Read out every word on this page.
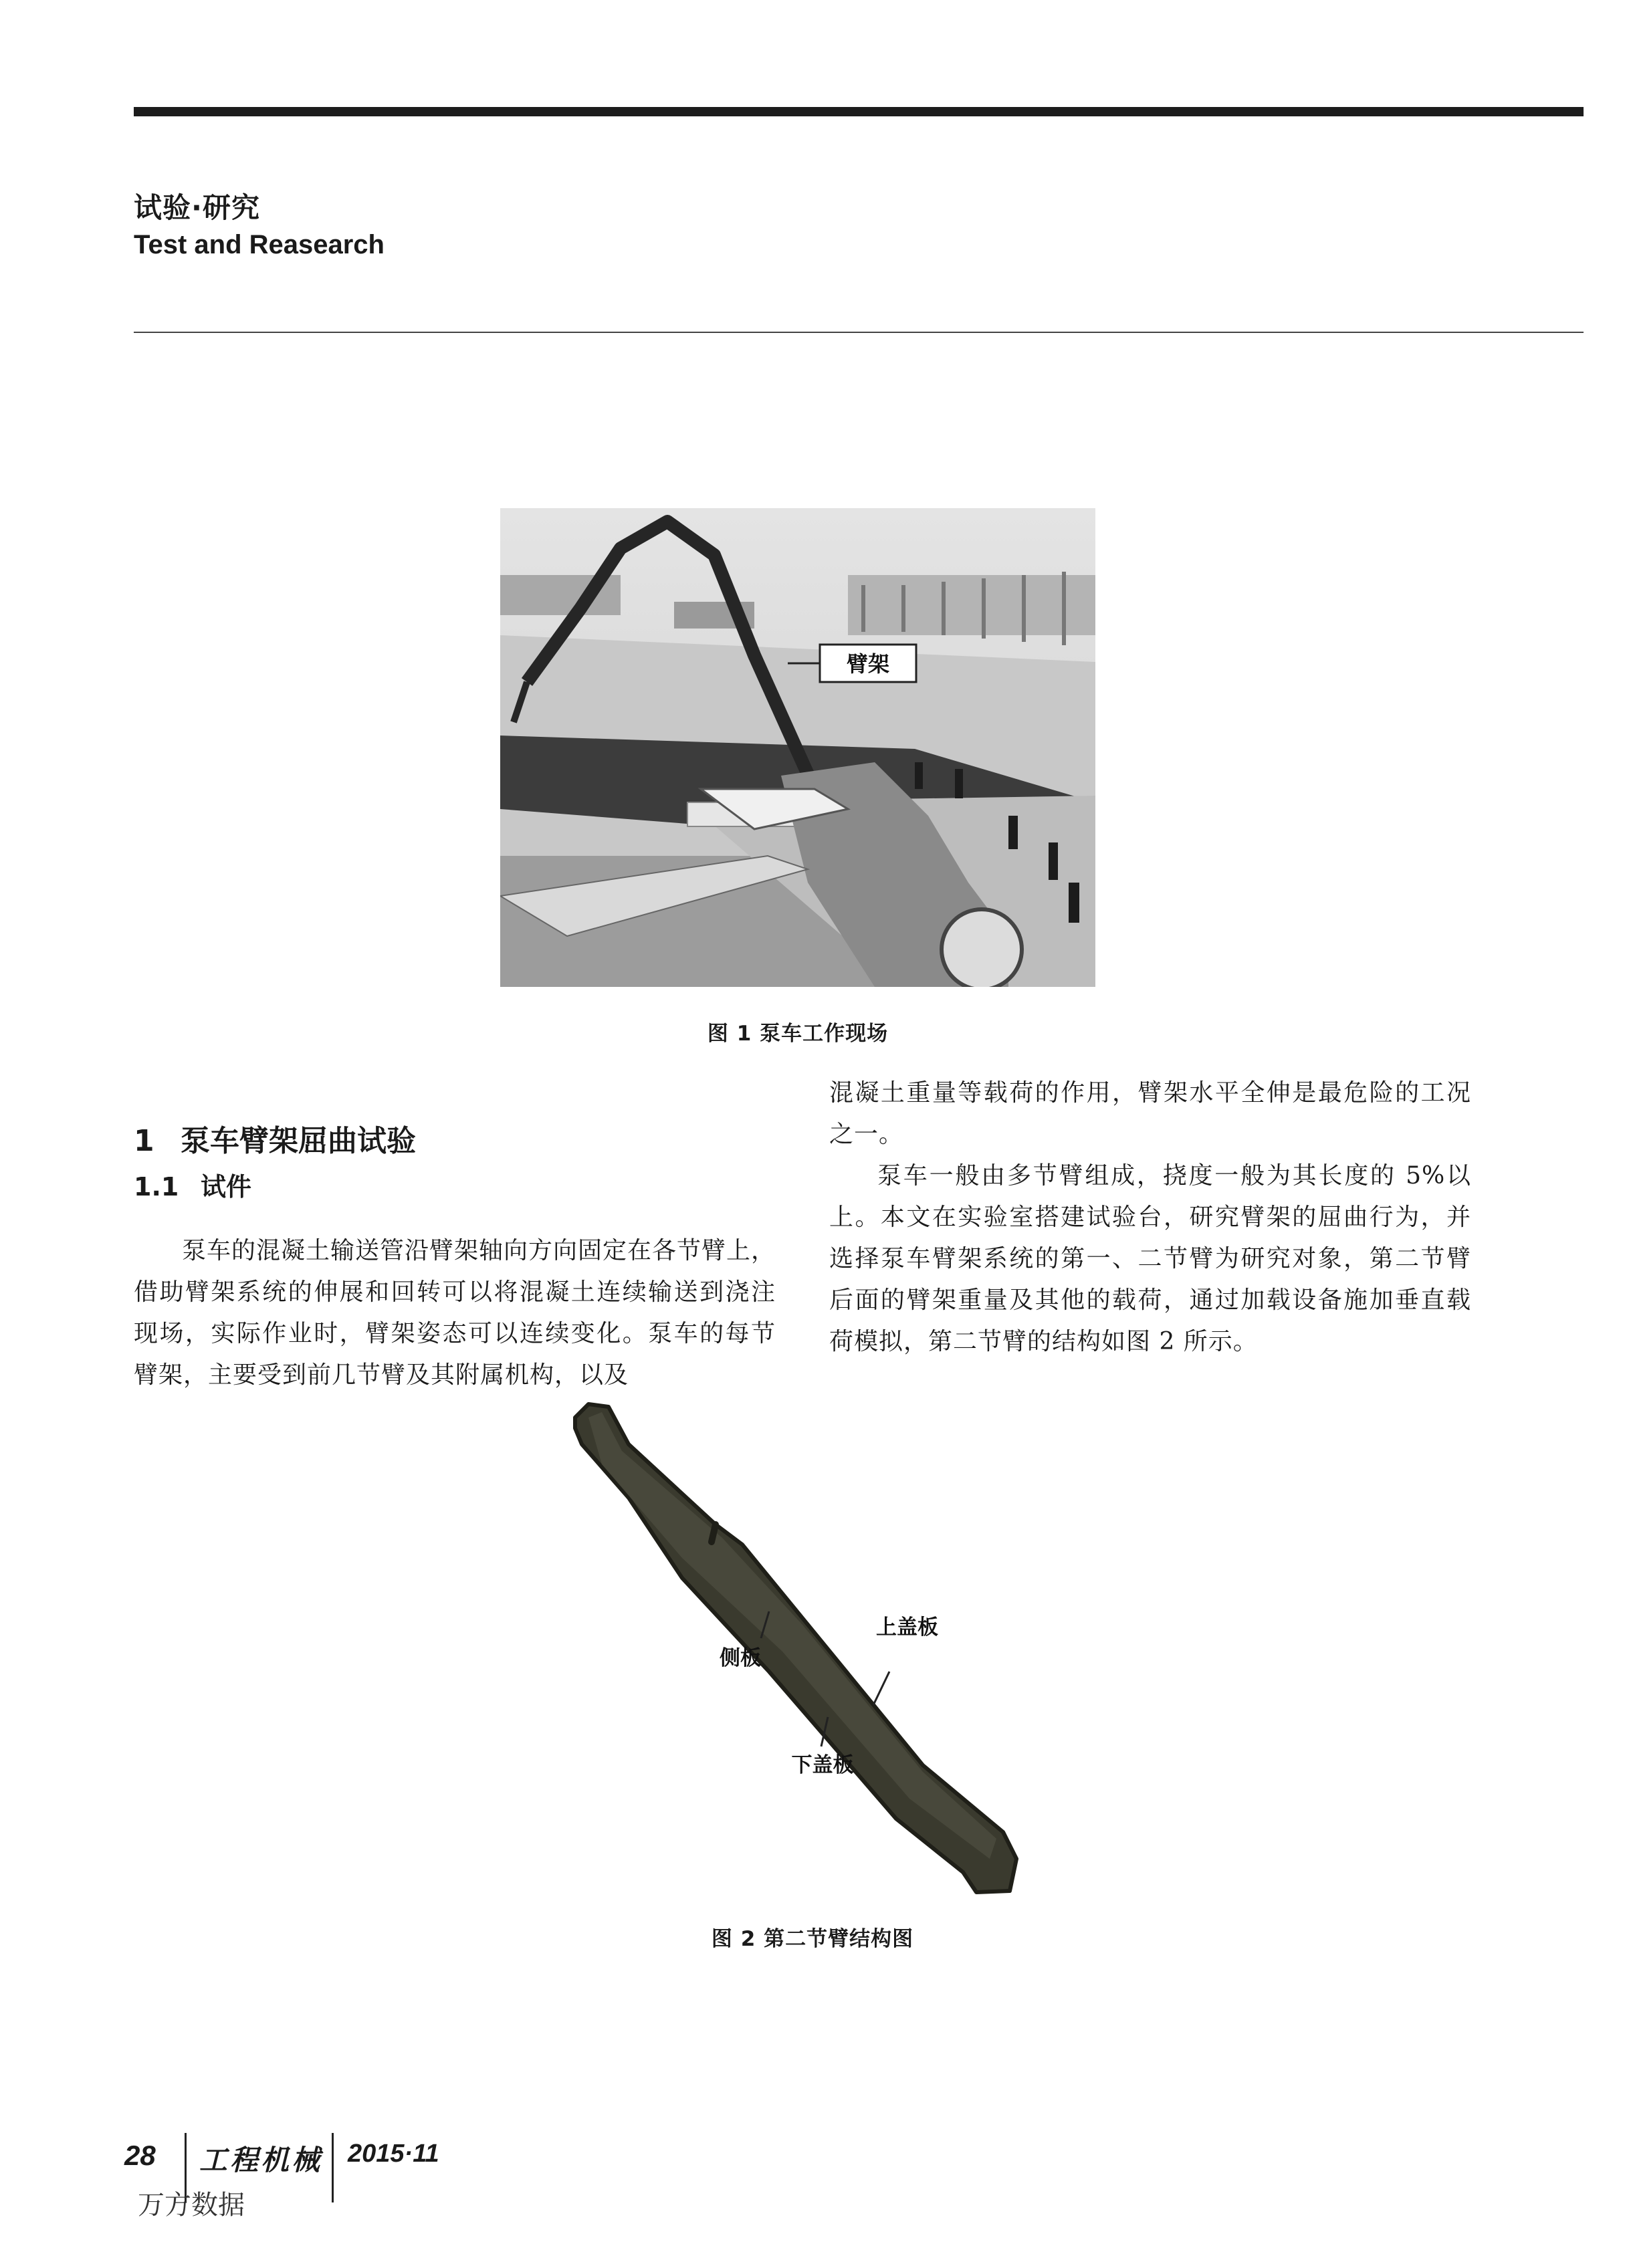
试验·研究
Test and Reasearch
臂架
图 1 泵车工作现场
1 泵车臂架屈曲试验
1.1 试件

泵车的混凝土输送管沿臂架轴向方向固定在各节臂上，借助臂架系统的伸展和回转可以将混凝土连续输送到浇注现场，实际作业时，臂架姿态可以连续变化。泵车的每节臂架，主要受到前几节臂及其附属机构，以及

混凝土重量等载荷的作用，臂架水平全伸是最危险的工况之一。

泵车一般由多节臂组成，挠度一般为其长度的 5%以上。本文在实验室搭建试验台，研究臂架的屈曲行为，并选择泵车臂架系统的第一、二节臂为研究对象，第二节臂后面的臂架重量及其他的载荷，通过加载设备施加垂直载荷模拟，第二节臂的结构如图 2 所示。

侧板
上盖板
下盖板
图 2 第二节臂结构图
28 工程机械 2015·11
万方数据
